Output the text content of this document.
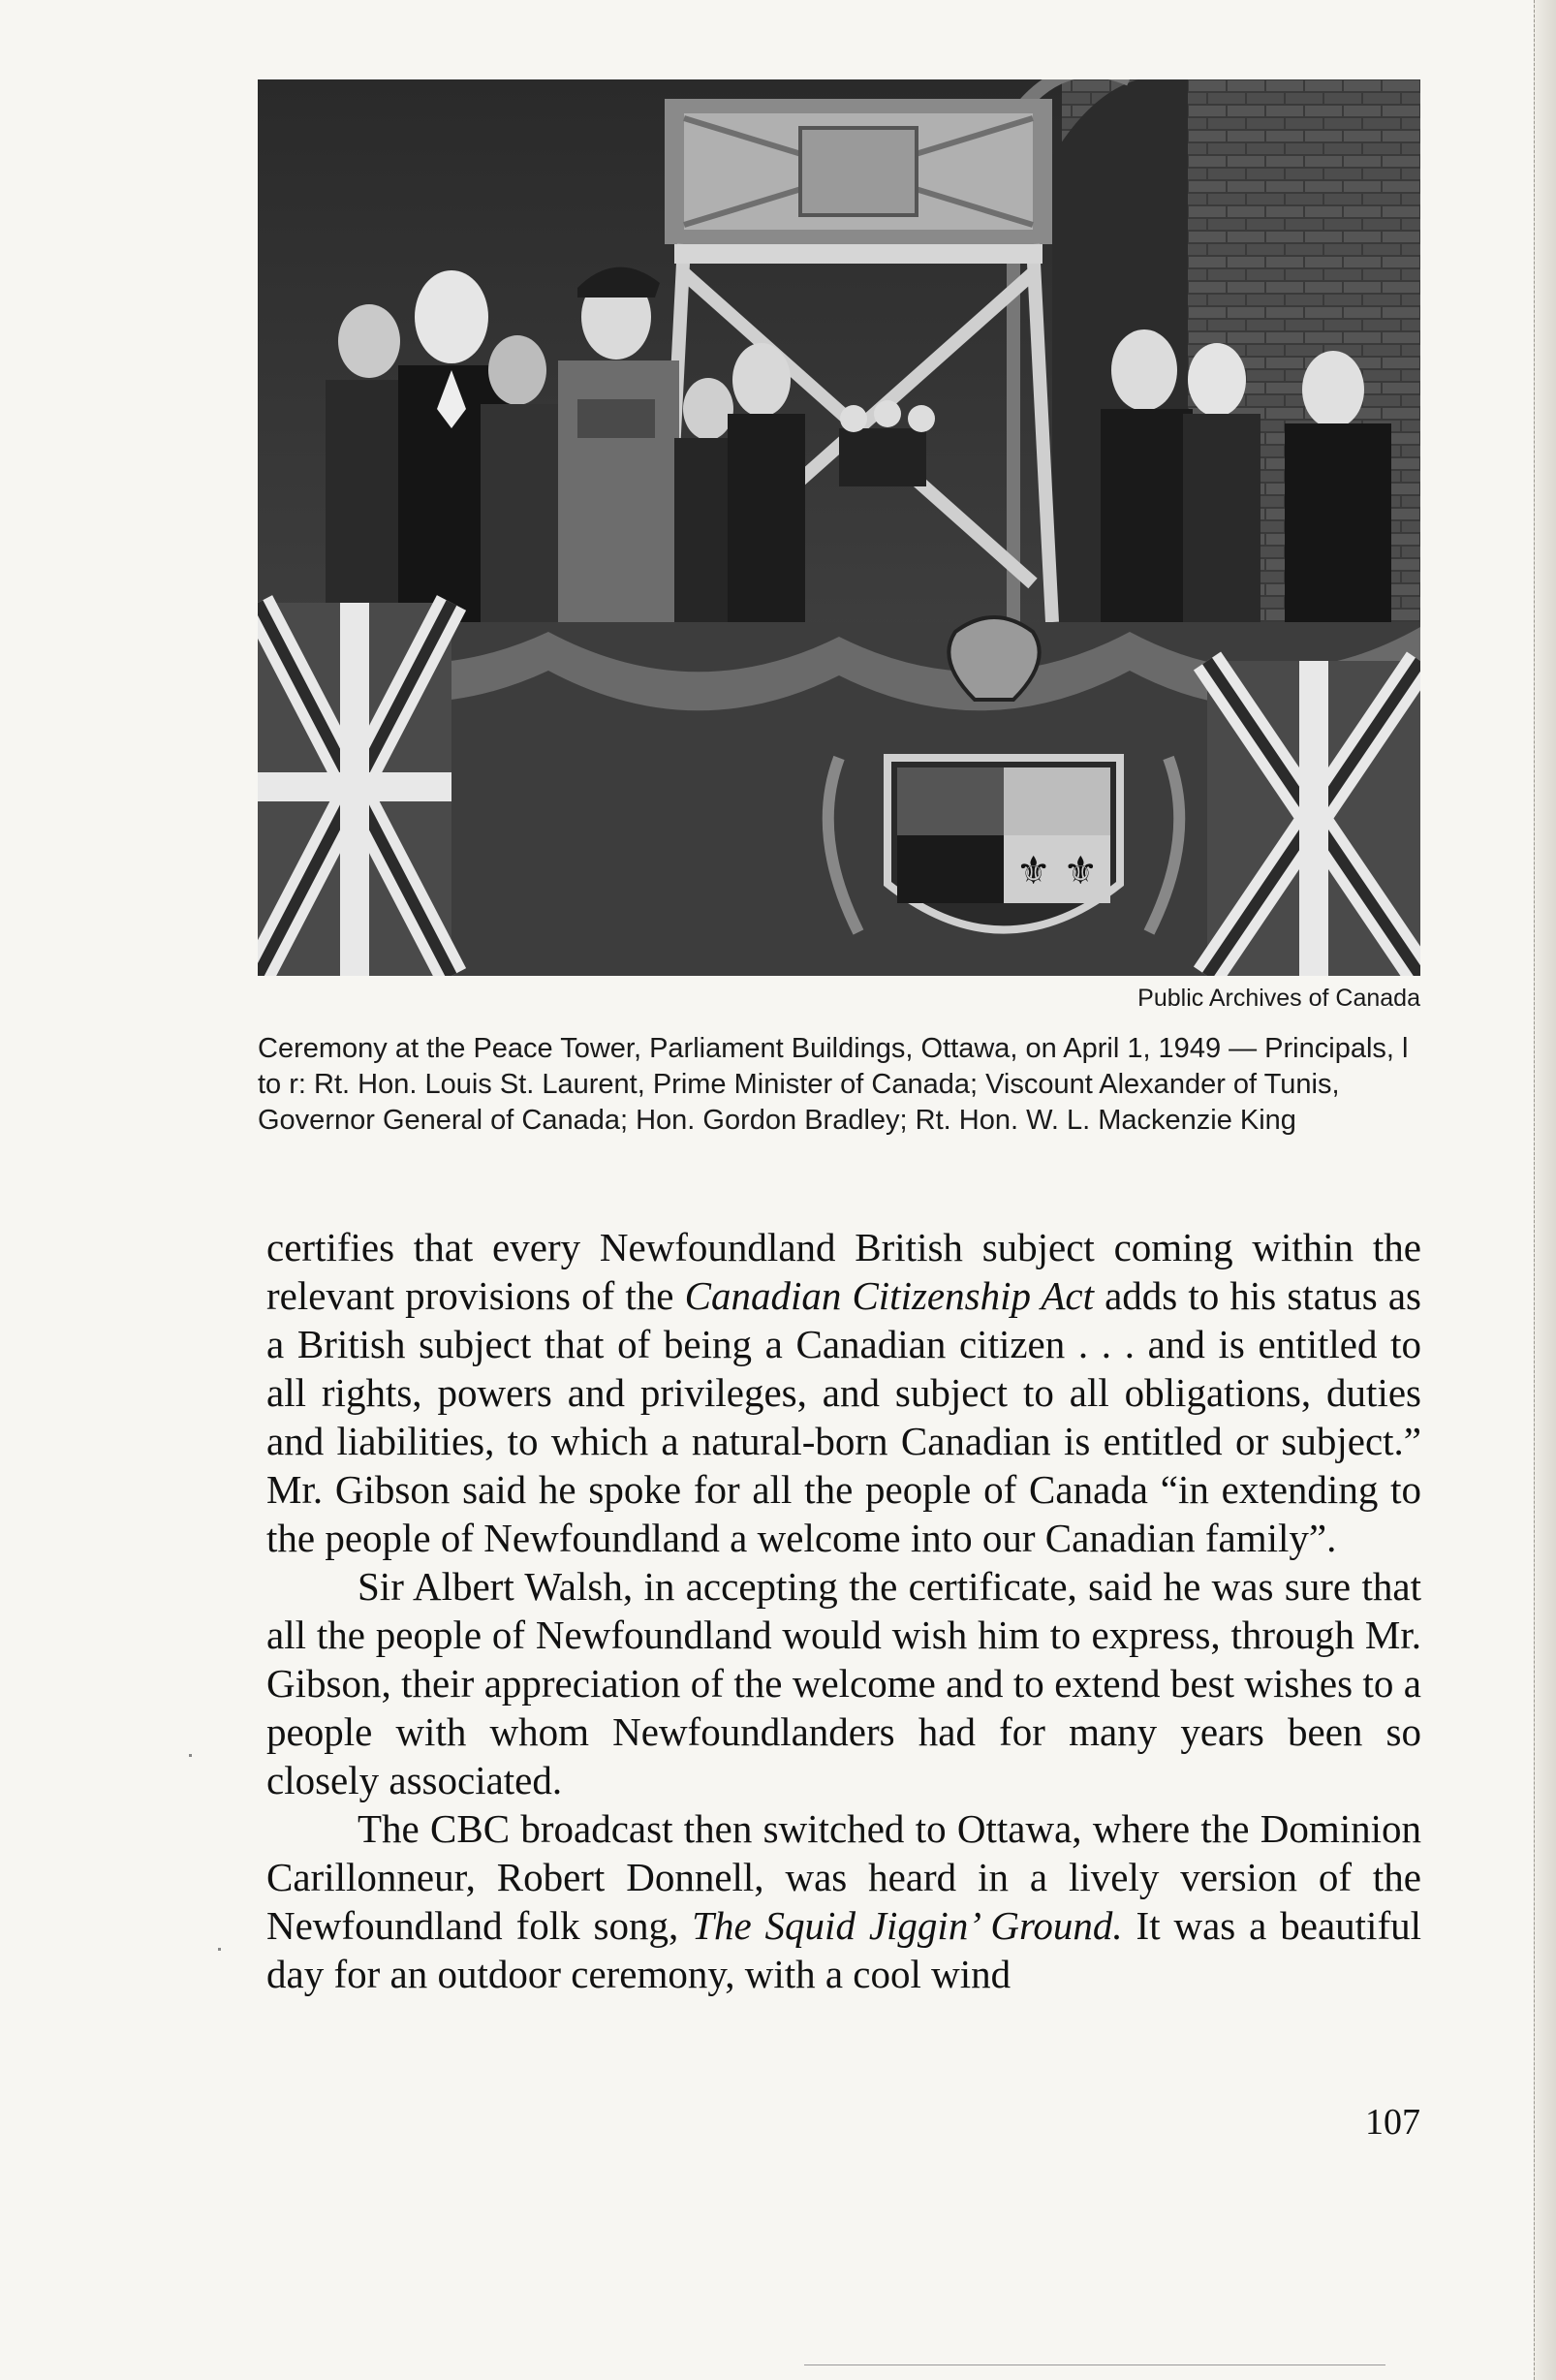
⚜ ⚜
Public Archives of Canada
Ceremony at the Peace Tower, Parliament Buildings, Ottawa, on April 1, 1949 — Principals, l to r: Rt. Hon. Louis St. Laurent, Prime Minister of Canada; Viscount Alexander of Tunis, Governor General of Canada; Hon. Gordon Bradley; Rt. Hon. W. L. Mackenzie King

certifies that every Newfoundland British subject coming within the relevant provisions of the Canadian Citizenship Act adds to his status as a British subject that of being a Canadian citizen . . . and is entitled to all rights, powers and privileges, and subject to all obligations, duties and liabilities, to which a natural-born Canadian is entitled or subject.” Mr. Gibson said he spoke for all the people of Canada “in extending to the people of Newfoundland a welcome into our Canadian family”.

Sir Albert Walsh, in accepting the certificate, said he was sure that all the people of Newfoundland would wish him to express, through Mr. Gibson, their appreciation of the welcome and to extend best wishes to a people with whom Newfoundlanders had for many years been so closely associated.

The CBC broadcast then switched to Ottawa, where the Dominion Carillonneur, Robert Donnell, was heard in a lively version of the Newfoundland folk song, The Squid Jiggin’ Ground. It was a beautiful day for an outdoor ceremony, with a cool wind

107
